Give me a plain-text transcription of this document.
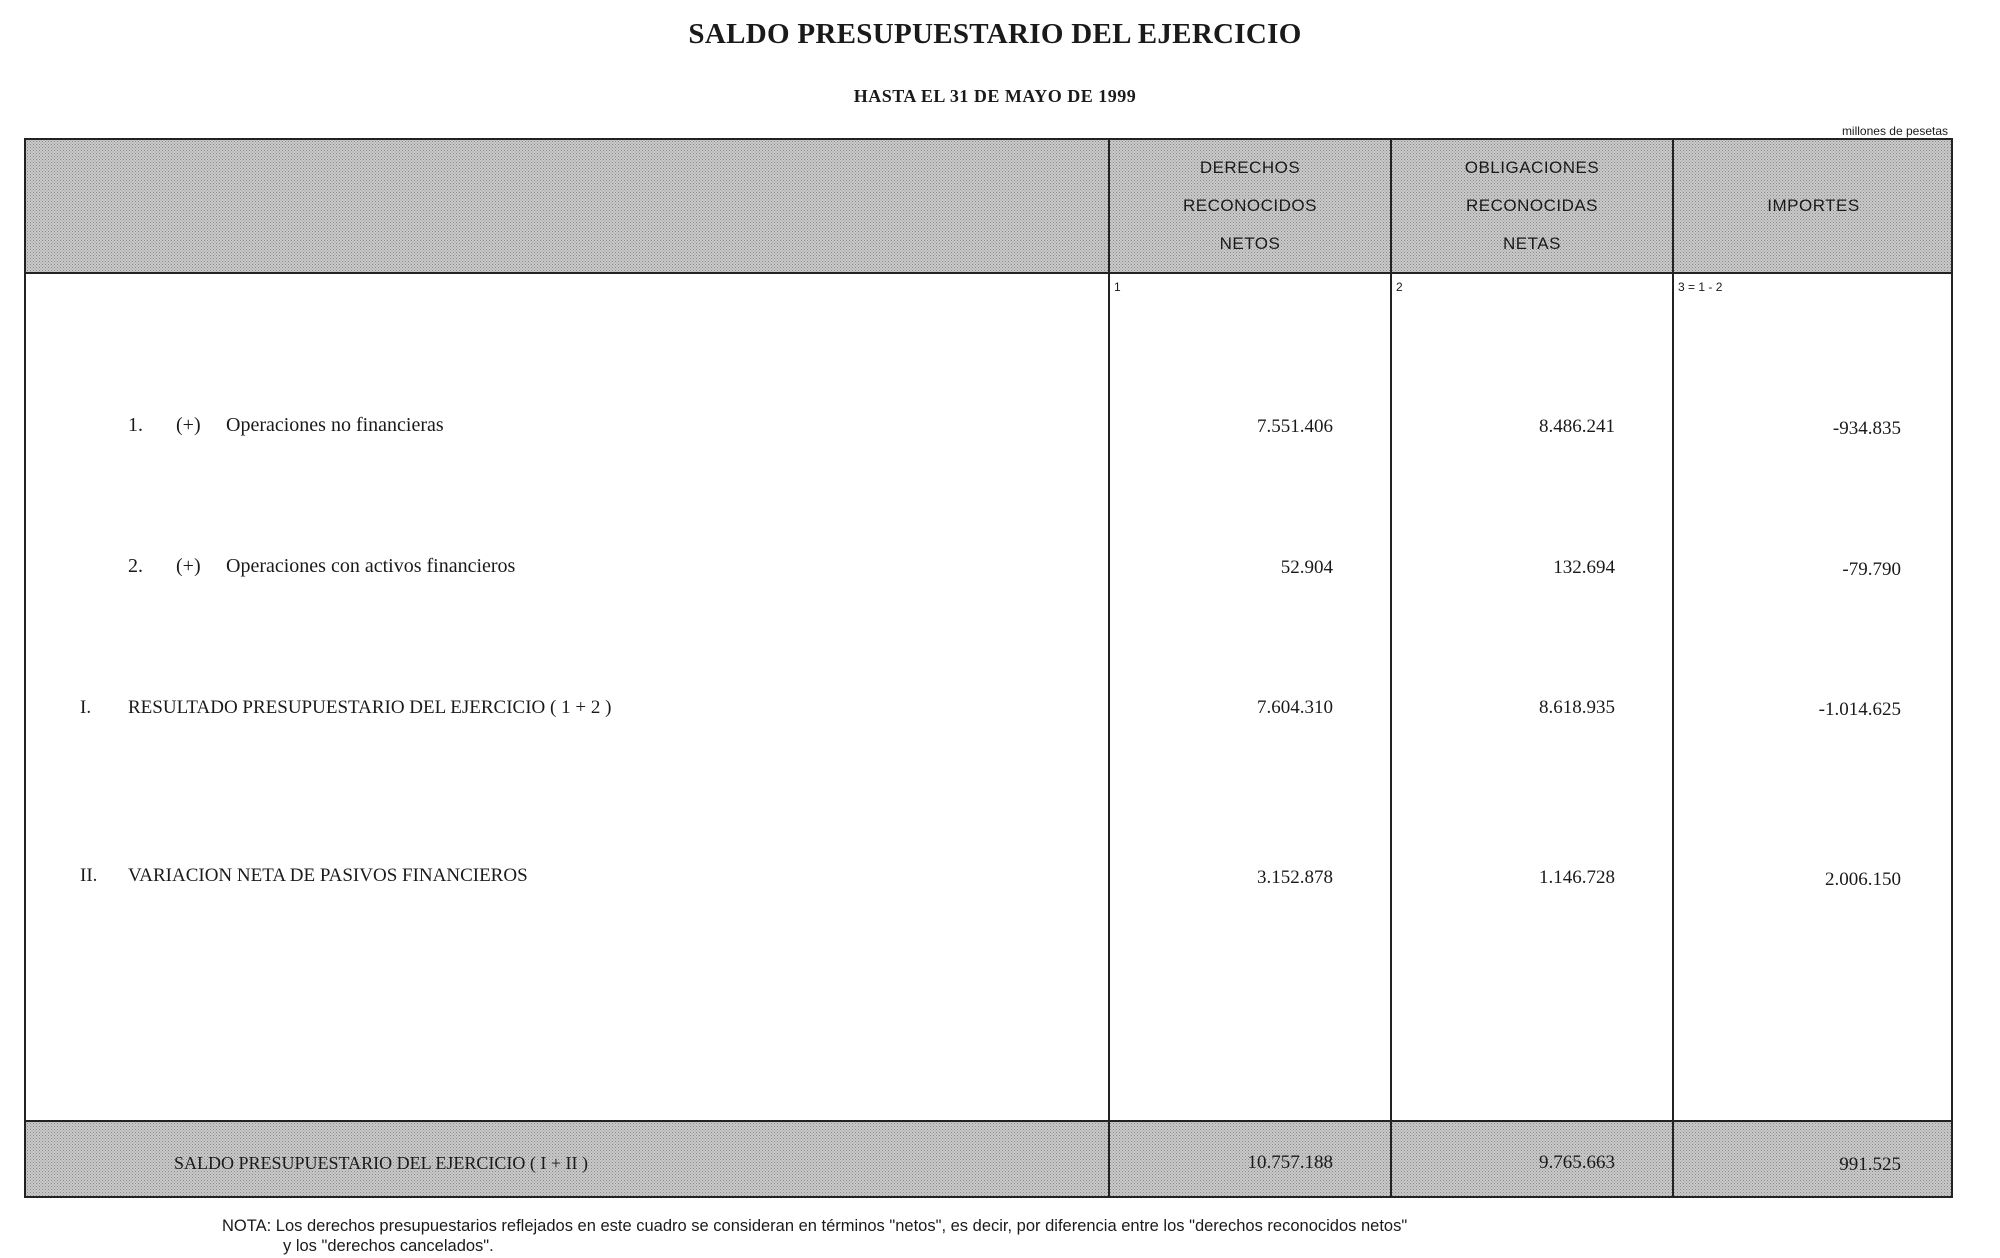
SALDO PRESUPUESTARIO DEL EJERCICIO
HASTA EL 31 DE MAYO DE 1999
millones de pesetas
DERECHOS
RECONOCIDOS
NETOS
OBLIGACIONES
RECONOCIDAS
NETAS
IMPORTES
1	2	3 = 1 - 2
1. (+) Operaciones no financieras	7.551.406	8.486.241	-934.835
2. (+) Operaciones con activos financieros	52.904	132.694	-79.790
I. RESULTADO PRESUPUESTARIO DEL EJERCICIO ( 1 + 2 )	7.604.310	8.618.935	-1.014.625
II. VARIACION NETA DE PASIVOS FINANCIEROS	3.152.878	1.146.728	2.006.150
SALDO PRESUPUESTARIO DEL EJERCICIO ( I + II )	10.757.188	9.765.663	991.525
NOTA: Los derechos presupuestarios reflejados en este cuadro se consideran en términos "netos", es decir, por diferencia entre los "derechos reconocidos netos"
y los "derechos cancelados".
